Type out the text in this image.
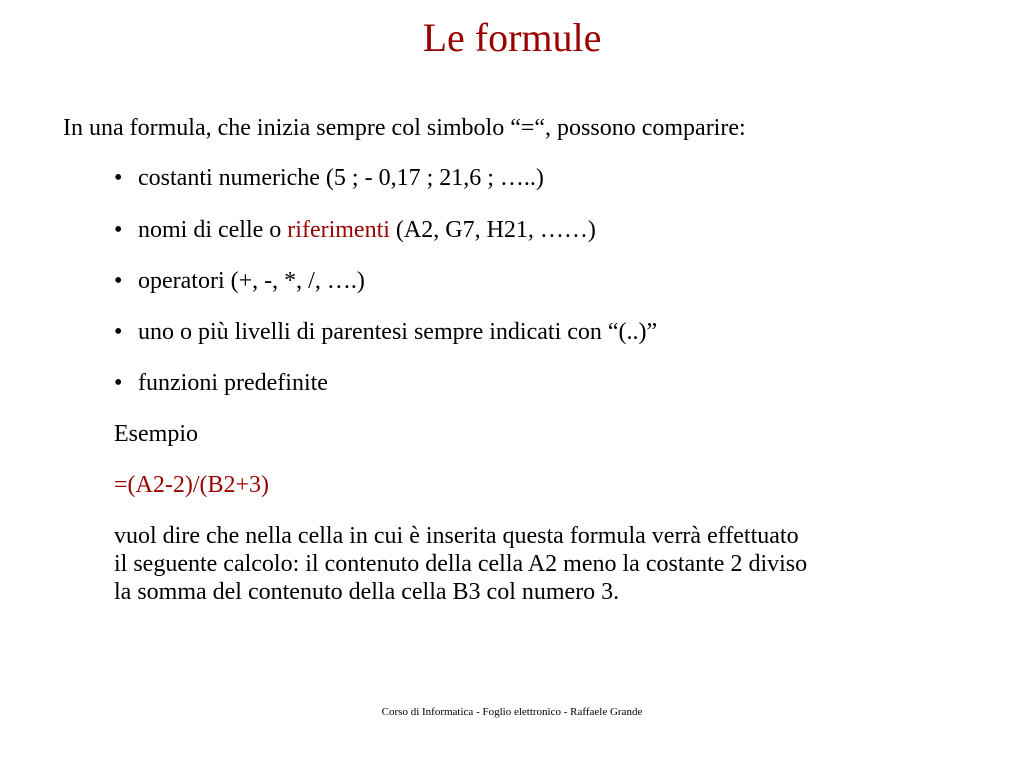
Le formule
In una formula, che inizia sempre col simbolo “=“, possono comparire:
• costanti numeriche (5 ; - 0,17 ; 21,6 ; …..)
• nomi di celle o riferimenti (A2, G7, H21, ……)
• operatori (+, -, *, /, ….)
• uno o più livelli di parentesi sempre indicati con “(..)”
• funzioni predefinite
Esempio
=(A2-2)/(B2+3)
vuol dire che nella cella in cui è inserita questa formula verrà effettuato
il seguente calcolo: il contenuto della cella A2 meno la costante 2 diviso
la somma del contenuto della cella B3 col numero 3.
Corso di Informatica - Foglio elettronico - Raffaele Grande
